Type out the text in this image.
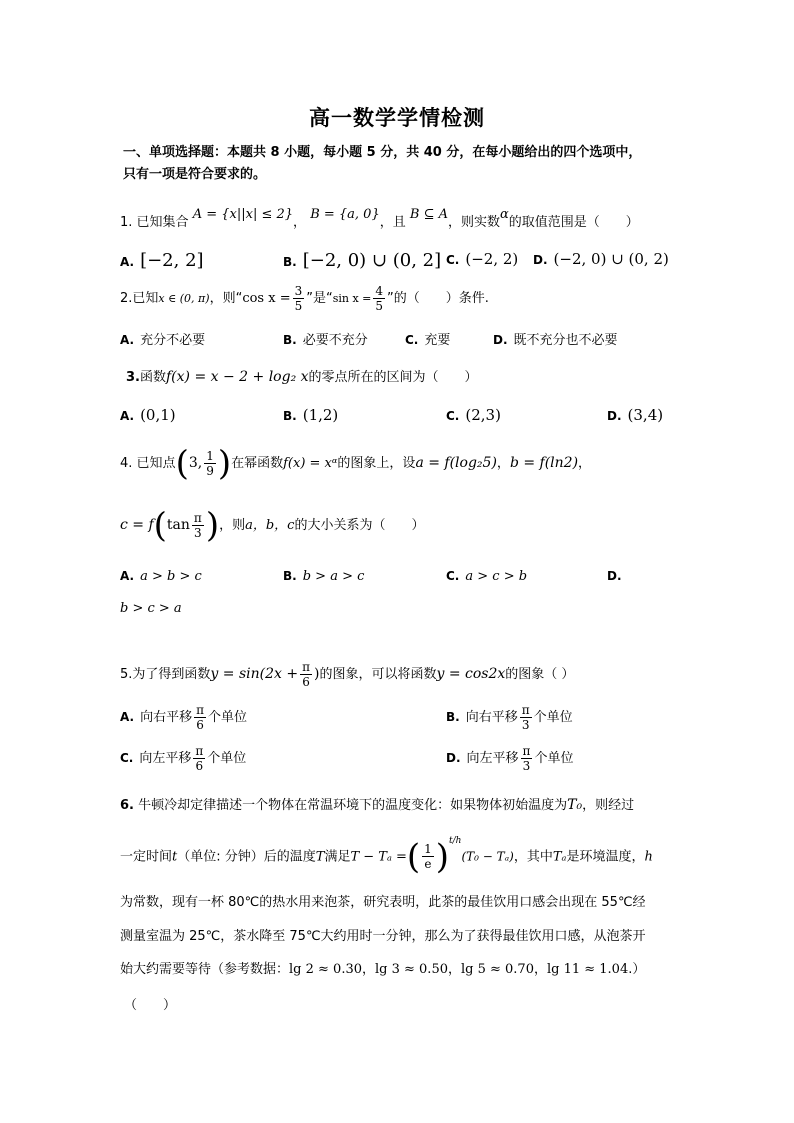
高一数学学情检测
一、单项选择题：本题共 8 小题，每小题 5 分，共 40 分，在每小题给出的四个选项中，
只有一项是符合要求的。
1. 已知集合 A = {x||x| ≤ 2}， B = {a, 0}，且 B ⊆ A，则实数α的取值范围是（　　）
A. [−2, 2]	B. [−2, 0) ∪ (0, 2] C. (−2, 2) D. (−2, 0) ∪ (0, 2)
2.已知x ∈ (0, π)，则“cos $x = \frac{3}{5}$ ”是“sin $x = \frac{4}{5}$ ”的（　　）条件.
A. 充分不必要	B. 必要不充分	C. 充要	D. 既不充分也不必要
3.函数f(x) = x − 2 + log₂ x的零点所在的区间为（　　）
A. (0,1)	B. (1,2)	C. (2,3)	D. (3,4)
4. 已知点(3, $\frac{1}{9}$ )在幂函数f(x) = xᵅ的图象上，设a = f(log₂5)，b = f(ln2)，
$c = f(\tan \frac{\pi}{3}$ )，则a，b，c的大小关系为（　　）
A. a > b > c	B. b > a > c	C. a > c > b	D.
b > c > a
5.为了得到函数$y = \sin(2x + \frac{\pi}{6}$ )的图象，可以将函数y = cos2x的图象（ ）
A. 向右平移 $\frac{\pi}{6}$ 个单位	B. 向右平移 $\frac{\pi}{3}$ 个单位
C. 向左平移 $\frac{\pi}{6}$ 个单位	D. 向左平移 $\frac{\pi}{3}$ 个单位
6. 牛顿冷却定律描述一个物体在常温环境下的温度变化：如果物体初始温度为T₀，则经过
一定时间t（单位: 分钟）后的温度T满足T − Tₐ =( $\frac{1}{e} )^{t/h}(T_0 - T_a)$，其中Tₐ是环境温度，h
为常数，现有一杯 80℃的热水用来泡茶，研究表明，此茶的最佳饮用口感会出现在 55℃经
测量室温为 25℃，茶水降至 75℃大约用时一分钟，那么为了获得最佳饮用口感，从泡茶开
始大约需要等待（参考数据：lg 2 ≈ 0.30，lg 3 ≈ 0.50，lg 5 ≈ 0.70，lg 11 ≈ 1.04.）
（　　）
